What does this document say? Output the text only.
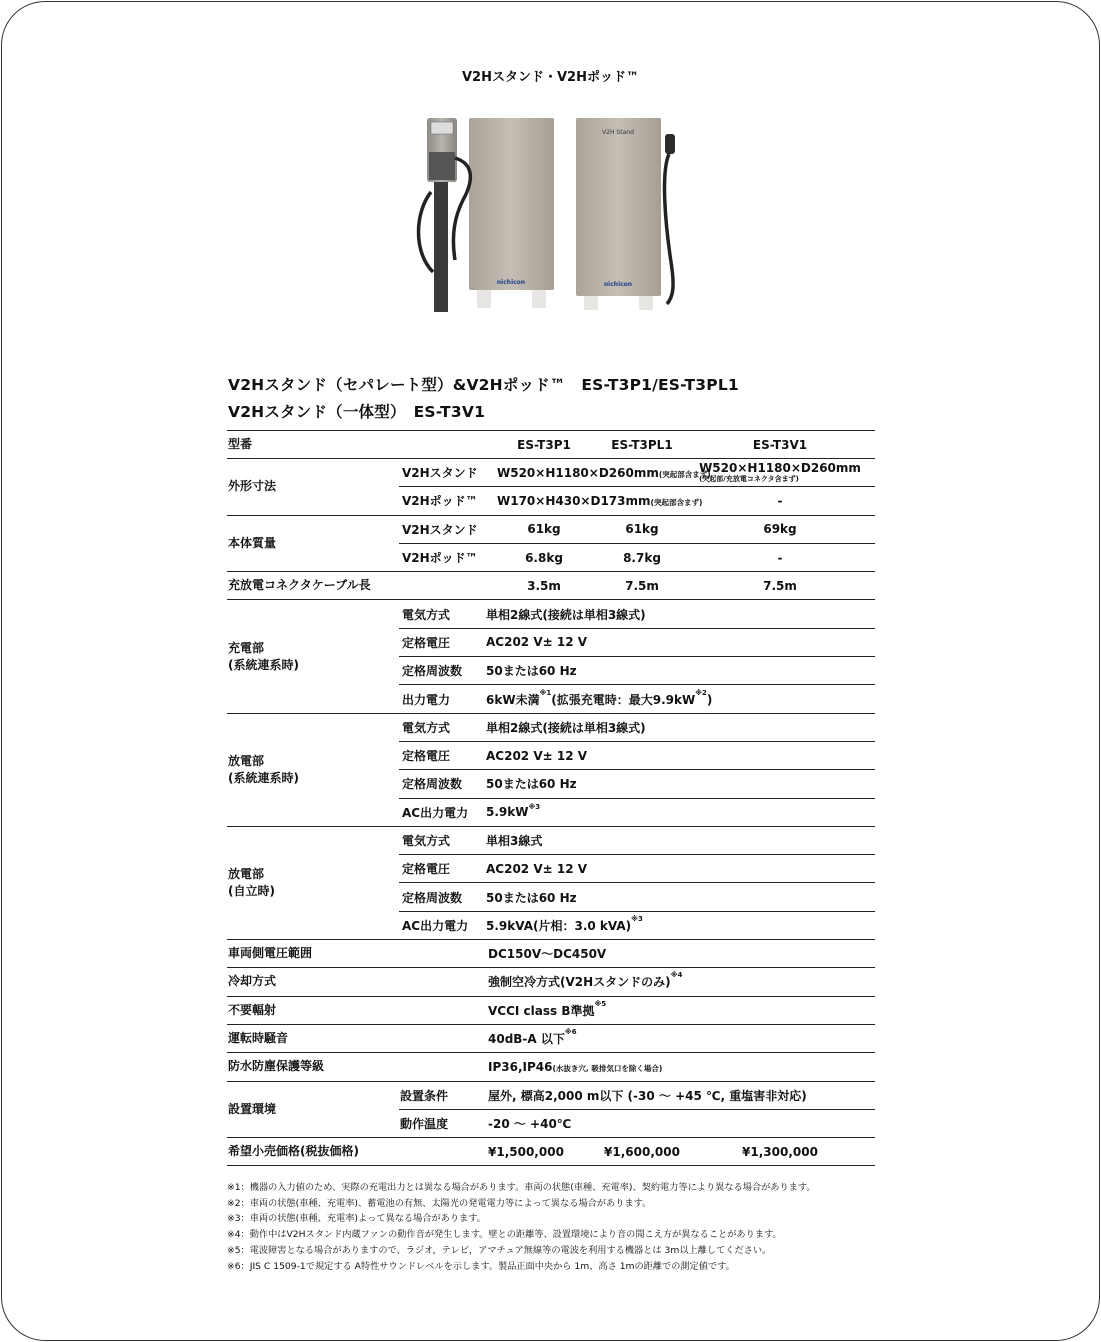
V2Hスタンド・V2Hポッド™
nichicon
V2H Stand
nichicon
V2Hスタンド（セパレート型）&V2Hポッド™　ES-T3P1/ES-T3PL1
V2Hスタンド（一体型）　ES-T3V1
型番		ES-T3P1	ES-T3PL1	ES-T3V1
外形寸法	V2Hスタンド	W520×H1180×D260mm(突起部含まず)		W520×H1180×D260mm
(突起部/充放電コネクタ含まず)

	V2Hポッド™	W170×H430×D173mm(突起部含まず)		-
本体質量	V2Hスタンド	61kg	61kg	69kg
	V2Hポッド™	6.8kg	8.7kg	-
充放電コネクタケーブル長		3.5m	7.5m	7.5m
充電部
(系統連系時)	電気方式	単相2線式(接続は単相3線式)		
	定格電圧	AC202 V± 12 V		
	定格周波数	50または60 Hz		
	出力電力	6kW未満$^{※1}$(拡張充電時：最大$9.9kW^{※2}$)		
放電部
(系統連系時)	電気方式	単相2線式(接続は単相3線式)		
	定格電圧	AC202 V± 12 V		
	定格周波数	50または60 Hz		
	AC出力電力	$5.9kW^{※3}$
放電部
(自立時)	電気方式	単相3線式		
	定格電圧	AC202 V± 12 V		
	定格周波数	50または60 Hz		
	AC出力電力	5.9kVA(片相：3.0 kVA)$^{※3}$
車両側電圧範囲		DC150V〜DC450V		
冷却方式		強制空冷方式(V2Hスタンドのみ)$^{※4}$
不要輻射		VCCI class B準拠$^{※5}$
運転時騒音		40dB-A 以下$^{※6}$
防水防塵保護等級		IP36,IP46(水抜き穴, 吸排気口を除く場合)		
設置環境	設置条件	屋外, 標高2,000 m以下 (-30 〜 +45 ℃, 重塩害非対応)		
	動作温度	-20 〜 +40℃		
希望小売価格(税抜価格)		¥1,500,000	¥1,600,000	¥1,300,000
※1：機器の入力値のため、実際の充電出力とは異なる場合があります。車両の状態(車種、充電率)、契約電力等により異なる場合があります。
※2：車両の状態(車種、充電率)、蓄電池の有無、太陽光の発電電力等によって異なる場合があります。
※3：車両の状態(車種、充電率)よって異なる場合があります。
※4：動作中はV2Hスタンド内蔵ファンの動作音が発生します。壁との距離等、設置環境により音の聞こえ方が異なることがあります。
※5：電波障害となる場合がありますので、ラジオ，テレビ，アマチュア無線等の電波を利用する機器とは 3m以上離してください。
※6：JIS C 1509-1で規定する A特性サウンドレベルを示します。製品正面中央から 1m、高さ 1mの距離での測定値です。
